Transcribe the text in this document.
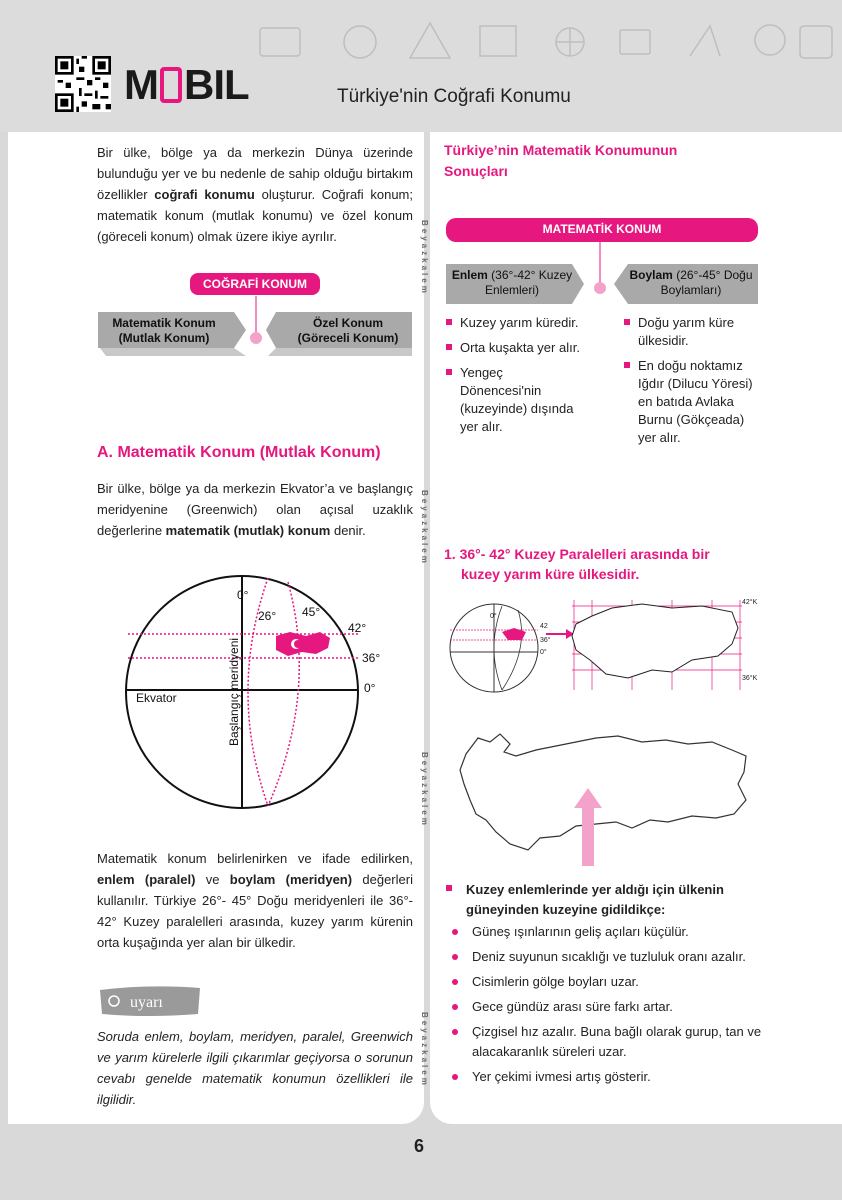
M BIL	Türkiye'nin Coğrafi Konumu
Beyazkalem
Beyazkalem
Beyazkalem
Beyazkalem
Bir ülke, bölge ya da merkezin Dünya üzerinde bulunduğu yer ve bu nedenle de sahip olduğu birtakım özellikler coğrafi konumu oluşturur. Coğrafi konum; matematik konum (mutlak konumu) ve özel konum (göreceli konum) olmak üzere ikiye ayrılır.
COĞRAFİ KONUM
Matematik Konum (Mutlak Konum)
Özel Konum (Göreceli Konum)
A. Matematik Konum (Mutlak Konum)
Bir ülke, bölge ya da merkezin Ekvator’a ve başlangıç meridyenine (Greenwich) olan açısal uzaklık değerlerine matematik (mutlak) konum denir.
0°
26° 45°
42°
36°
0°
Ekvator	Başlangıç meridyeni
Matematik konum belirlenirken ve ifade edilirken, enlem (paralel) ve boylam (meridyen) değerleri kullanılır. Türkiye 26°- 45° Doğu meridyenleri ile 36°- 42° Kuzey paralelleri arasında, kuzey yarım kürenin orta kuşağında yer alan bir ülkedir.
uyarı
Soruda enlem, boylam, meridyen, paralel, Greenwich ve yarım kürelerle ilgili çıkarımlar geçiyorsa o sorunun cevabı genelde matematik konumun özellikleri ile ilgilidir.
Türkiye’nin Matematik Konumunun Sonuçları
MATEMATİK KONUM
Enlem (36°-42° Kuzey Enlemleri)
Boylam (26°-45° Doğu Boylamları)
Kuzey yarım küredir.
Orta kuşakta yer alır.
Yengeç Dönencesi'nin (kuzeyinde) dışında yer alır.
Doğu yarım küre ülkesidir.
En doğu noktamız Iğdır (Dilucu Yöresi) en batıda Avlaka Burnu (Gökçeada) yer alır.
1. 36°- 42° Kuzey Paralelleri arasında bir
kuzey yarım küre ülkesidir.
42°K
36°K
42
36°
0°
0°
Kuzey enlemlerinde yer aldığı için ülkenin güneyinden kuzeyine gidildikçe:
Güneş ışınlarının geliş açıları küçülür.
Deniz suyunun sıcaklığı ve tuzluluk oranı azalır.
Cisimlerin gölge boyları uzar.
Gece gündüz arası süre farkı artar.
Çizgisel hız azalır. Buna bağlı olarak gurup, tan ve alacakaranlık süreleri uzar.
Yer çekimi ivmesi artış gösterir.
6
